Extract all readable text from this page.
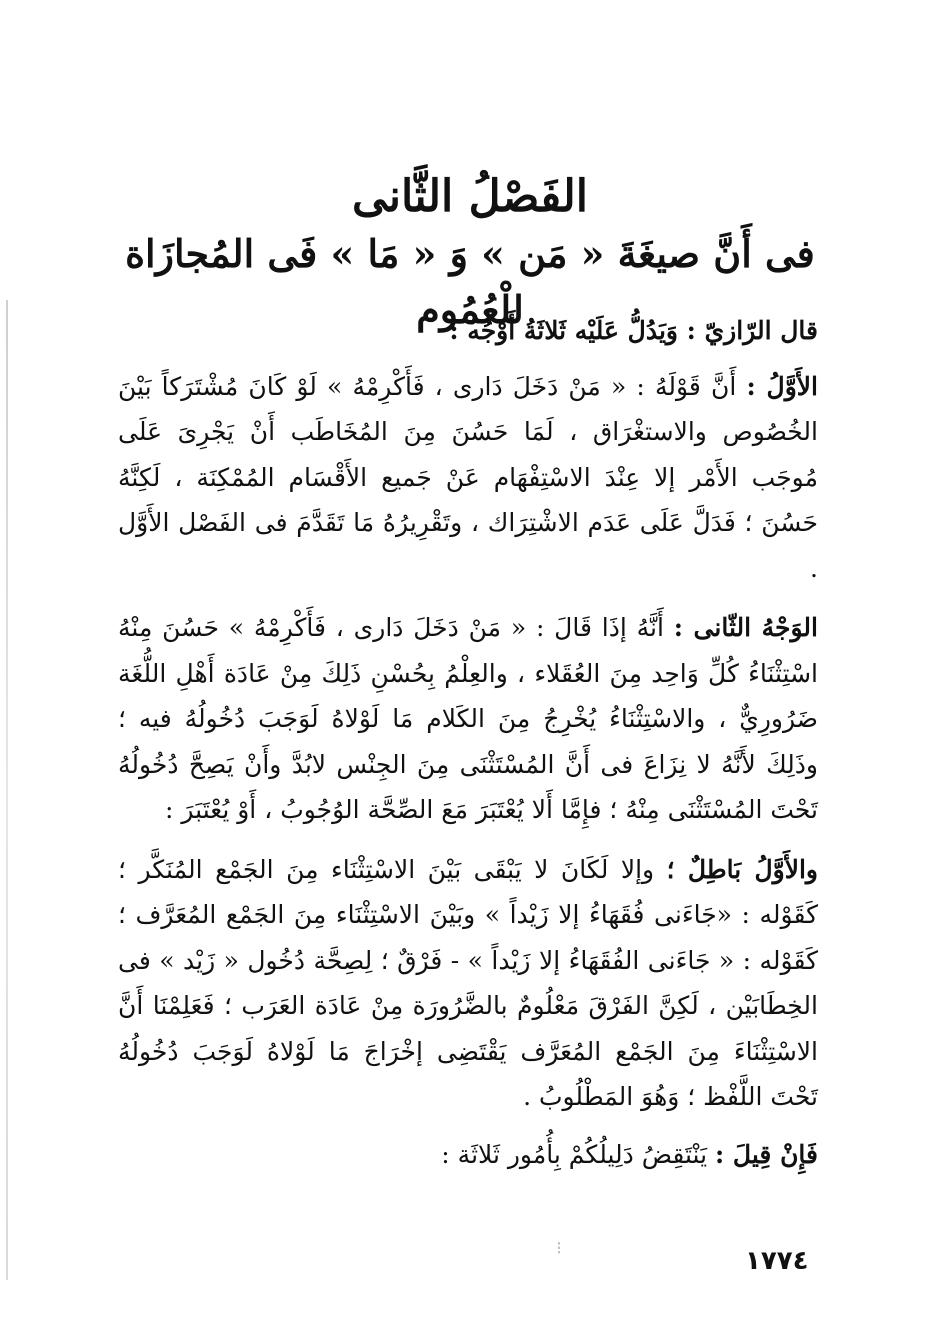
الفَصْلُ الثَّانى
فى أَنَّ صيغَةَ « مَن » وَ « مَا » فَى المُجازَاة للْعُمُوم

قال الرّازيّ : وَيَدُلُّ عَلَيْه ثَلاثَةُ أَوْجُه :

الأَوَّلُ : أَنَّ قَوْلَهُ : « مَنْ دَخَلَ دَارى ، فَأَكْرِمْهُ » لَوْ كَانَ مُشْتَرَكاً بَيْنَ الخُصُوص والاستغْرَاق ، لَمَا حَسُنَ مِنَ المُخَاطَب أَنْ يَجْرِىَ عَلَى مُوجَب الأَمْر إلا عِنْدَ الاسْتِفْهَام عَنْ جَميع الأَقْسَام المُمْكِنَة ، لَكِنَّهُ حَسُنَ ؛ فَدَلَّ عَلَى عَدَم الاشْتِرَاك ، وتَقْرِيرُهُ مَا تَقَدَّمَ فى الفَصْل الأَوَّل .

الوَجْهُ الثّانى : أَنَّهُ إذَا قَالَ : « مَنْ دَخَلَ دَارى ، فَأَكْرِمْهُ » حَسُنَ مِنْهُ اسْتِثْنَاءُ كُلِّ وَاحِد مِنَ العُقَلاء ، والعِلْمُ بِحُسْنِ ذَلِكَ مِنْ عَادَة أَهْلِ اللُّغَة ضَرُورِيٌّ ، والاسْتِثْنَاءُ يُخْرِجُ مِنَ الكَلام مَا لَوْلاهُ لَوَجَبَ دُخُولُهُ فيه ؛ وذَلِكَ لأَنَّهُ لا نِزَاعَ فى أَنَّ المُسْتَثْنَى مِنَ الجِنْس لابُدَّ وأَنْ يَصِحَّ دُخُولُهُ تَحْتَ المُسْتَثْنَى مِنْهُ ؛ فإِمَّا أَلا يُعْتَبَرَ مَعَ الصِّحَّة الوُجُوبُ ، أَوْ يُعْتَبَرَ :

والأَوَّلُ بَاطِلٌ ؛ وإلا لَكَانَ لا يَبْقَى بَيْنَ الاسْتِثْنَاء مِنَ الجَمْع المُنَكَّر ؛ كَقَوْله : «جَاءَنى فُقَهَاءُ إلا زَيْداً » وبَيْنَ الاسْتِثْنَاء مِنَ الجَمْع المُعَرَّف ؛ كَقَوْله : « جَاءَنى الفُقَهَاءُ إلا زَيْداً » - فَرْقٌ ؛ لِصِحَّة دُخُول « زَيْد » فى الخِطَابَيْن ، لَكِنَّ الفَرْقَ مَعْلُومٌ بالضَّرُورَة مِنْ عَادَة العَرَب ؛ فَعَلِمْنَا أَنَّ الاسْتِثْنَاءَ مِنَ الجَمْع المُعَرَّف يَقْتَضِى إخْرَاجَ مَا لَوْلاهُ لَوَجَبَ دُخُولُهُ تَحْتَ اللَّفْظ ؛ وَهُوَ المَطْلُوبُ .

فَإِنْ قِيلَ : يَنْتَقِضُ دَلِيلُكُمْ بِأُمُور ثَلاثَة :

⁝	١٧٧٤
